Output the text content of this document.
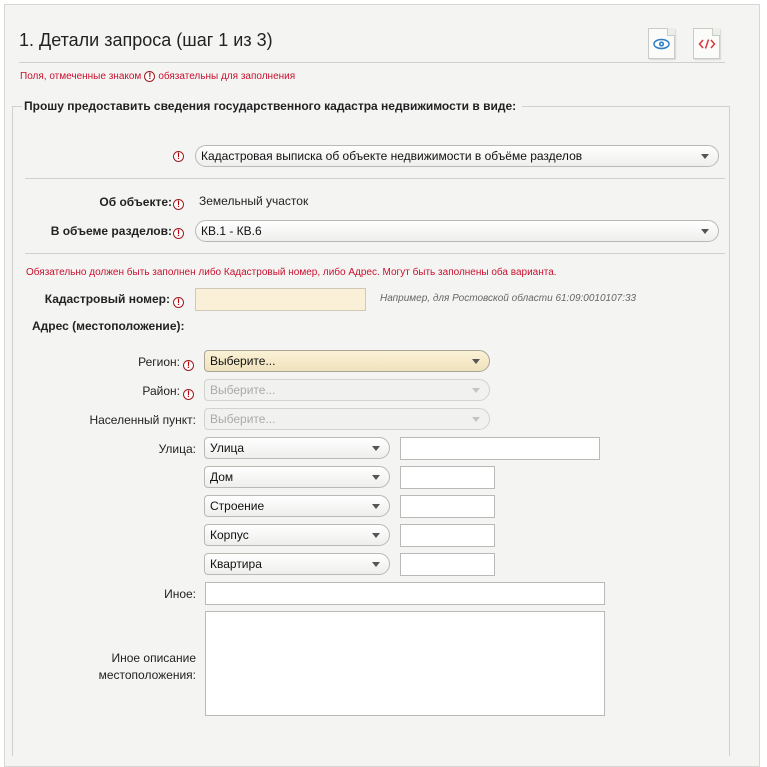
1. Детали запроса (шаг 1 из 3)
Поля, отмеченные знаком ! обязательны для заполнения
Прошу предоставить сведения государственного кадастра недвижимости в виде:
!	Кадастровая выписка об объекте недвижимости в объёме разделов
Об объекте: !	Земельный участок
В объеме разделов: !	КВ.1 - КВ.6
Обязательно должен быть заполнен либо Кадастровый номер, либо Адрес. Могут быть заполнены оба варианта.
Кадастровый номер: !	Например, для Ростовской области 61:09:0010107:33
Адрес (местоположение):
Регион: !	Выберите...
Район: !	Выберите...
Населенный пункт:	Выберите...
Улица:	Улица
Дом
Строение
Корпус
Квартира
Иное:
Иное описание
местоположения:
